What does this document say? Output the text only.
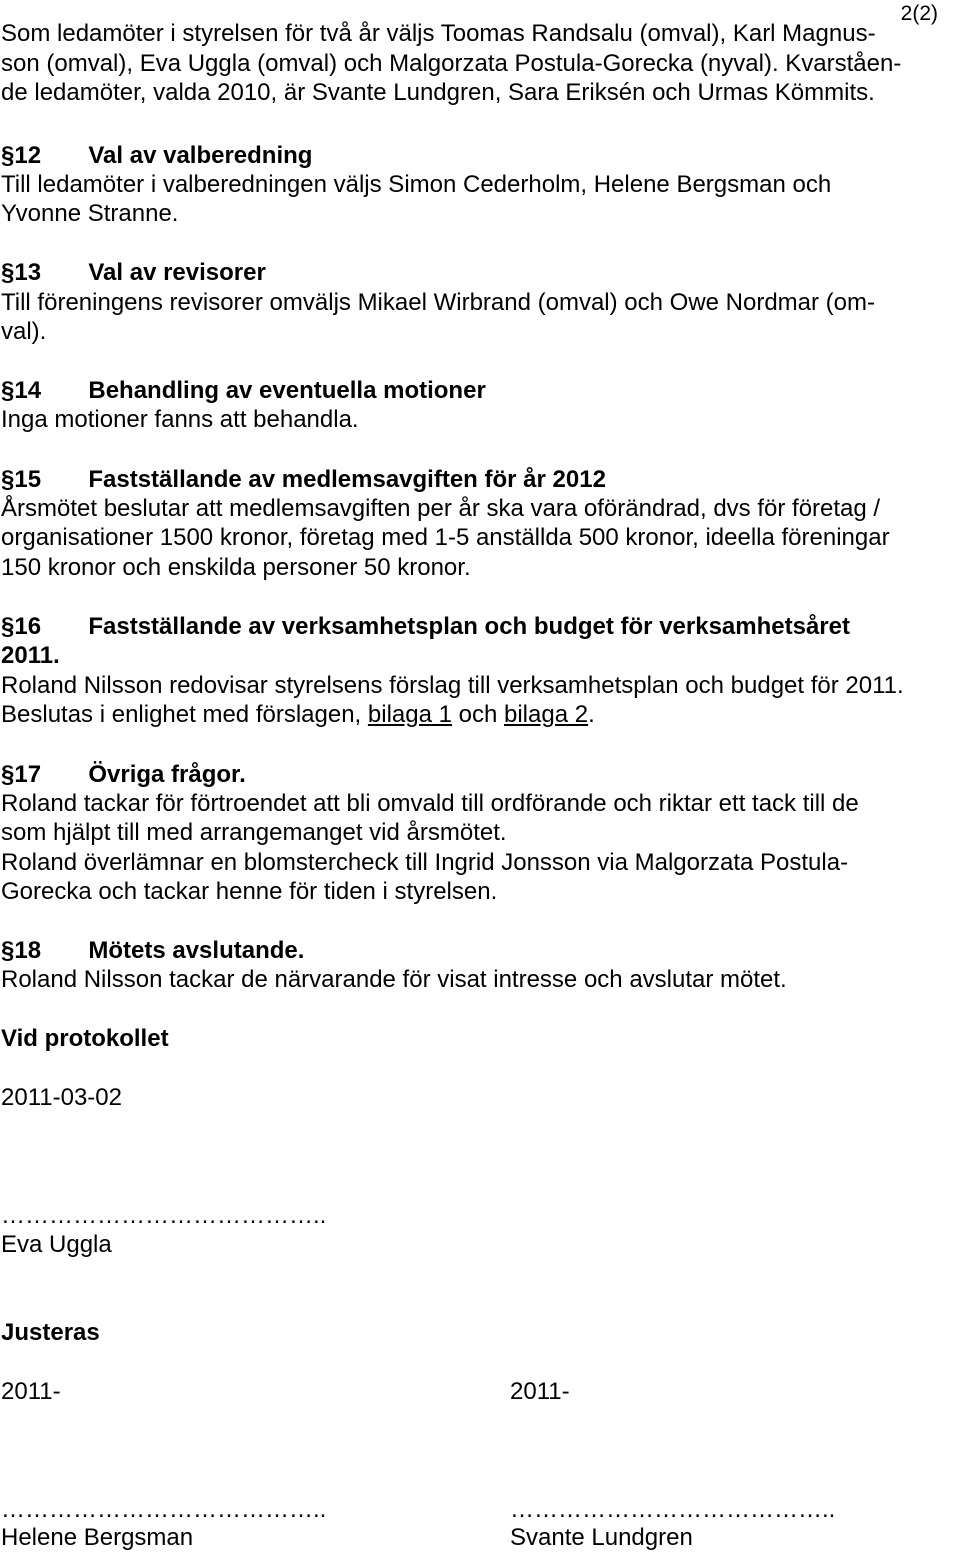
2(2)
Som ledamöter i styrelsen för två år väljs Toomas Randsalu (omval), Karl Magnus-
son (omval), Eva Uggla (omval) och Malgorzata Postula-Gorecka (nyval). Kvarståen-
de ledamöter, valda 2010, är Svante Lundgren, Sara Eriksén och Urmas Kömmits.
§12 Val av valberedning
Till ledamöter i valberedningen väljs Simon Cederholm, Helene Bergsman och
Yvonne Stranne.
§13 Val av revisorer
Till föreningens revisorer omväljs Mikael Wirbrand (omval) och Owe Nordmar (om-
val).
§14 Behandling av eventuella motioner
Inga motioner fanns att behandla.
§15 Fastställande av medlemsavgiften för år 2012
Årsmötet beslutar att medlemsavgiften per år ska vara oförändrad, dvs för företag /
organisationer 1500 kronor, företag med 1-5 anställda 500 kronor, ideella föreningar
150 kronor och enskilda personer 50 kronor.
§16 Fastställande av verksamhetsplan och budget för verksamhetsåret
2011.
Roland Nilsson redovisar styrelsens förslag till verksamhetsplan och budget för 2011.
Beslutas i enlighet med förslagen, bilaga 1 och bilaga 2.
§17 Övriga frågor.
Roland tackar för förtroendet att bli omvald till ordförande och riktar ett tack till de
som hjälpt till med arrangemanget vid årsmötet.
Roland överlämnar en blomstercheck till Ingrid Jonsson via Malgorzata Postula-
Gorecka och tackar henne för tiden i styrelsen.
§18 Mötets avslutande.
Roland Nilsson tackar de närvarande för visat intresse och avslutar mötet.
Vid protokollet
2011-03-02
…………………………………..
Eva Uggla
Justeras
2011-	2011-
…………………………………..	…………………………………..
Helene Bergsman	Svante Lundgren
